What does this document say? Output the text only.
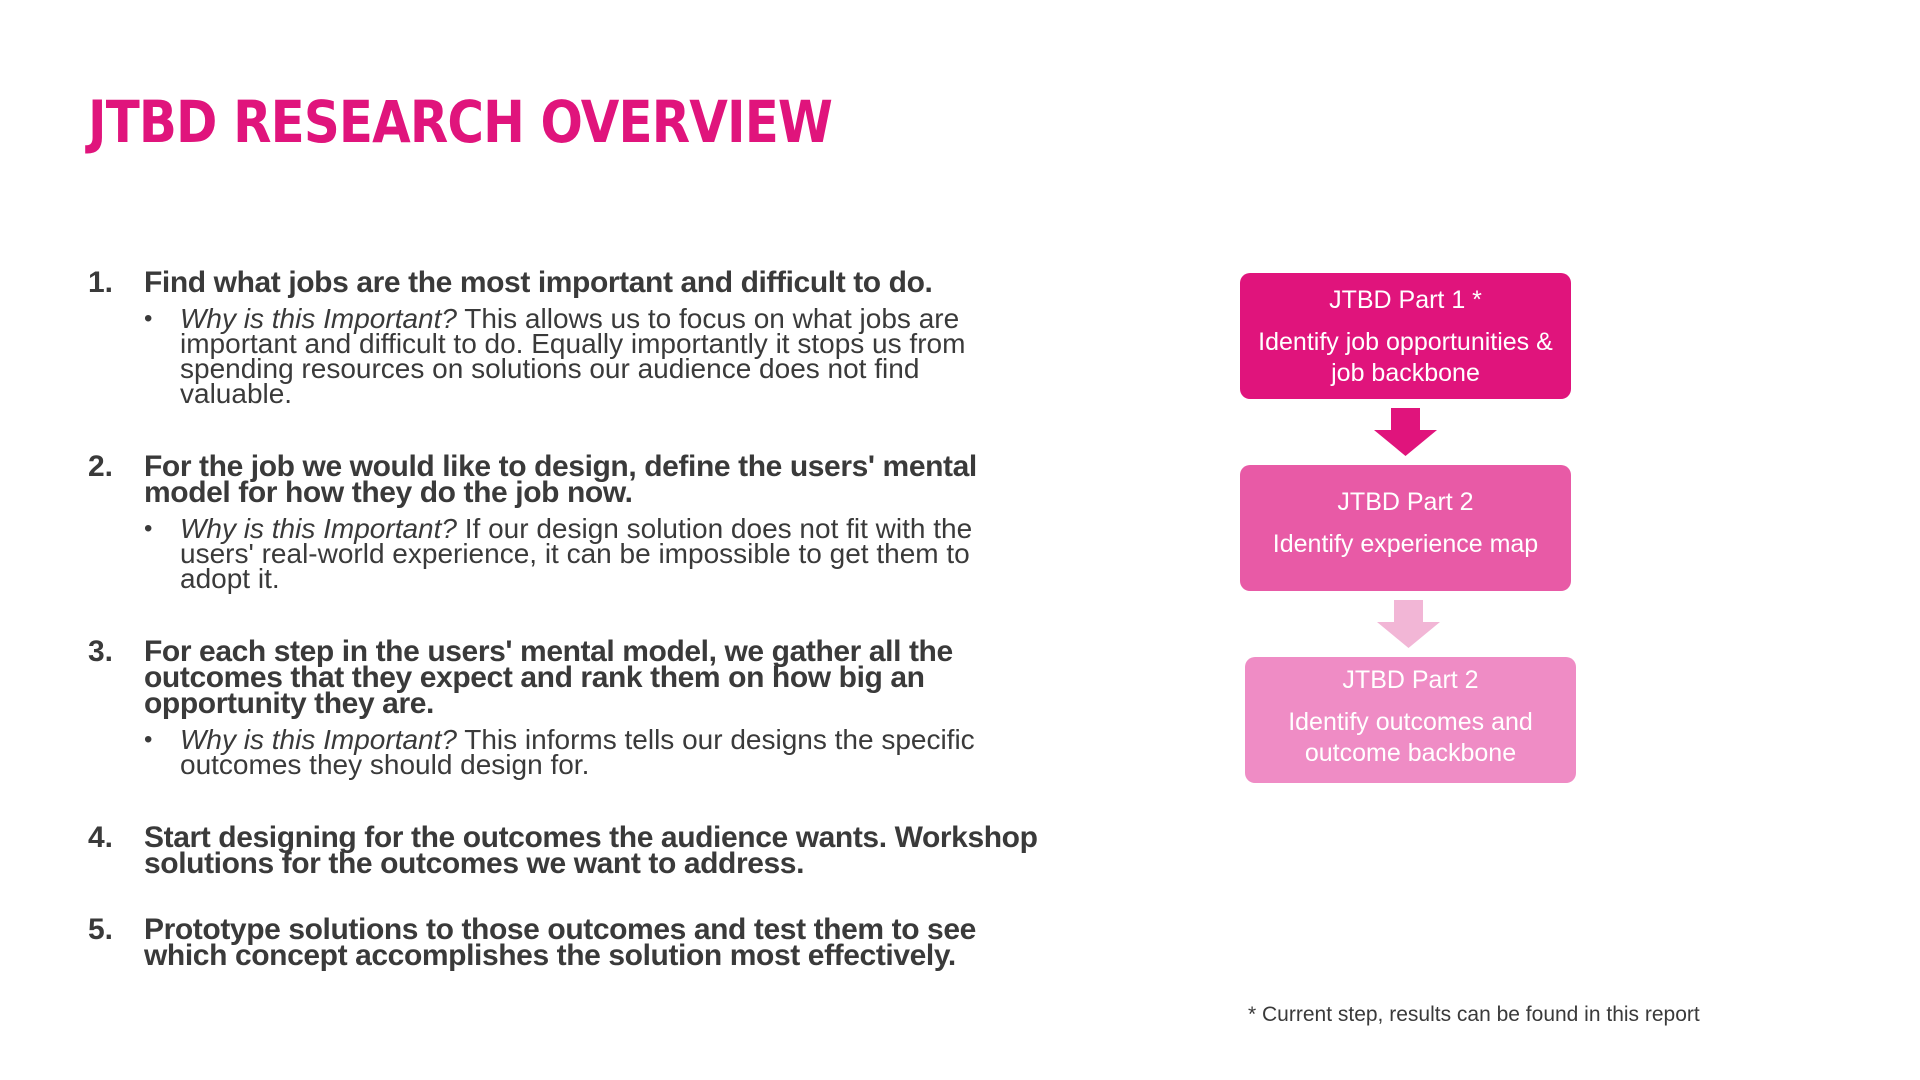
JTBD RESEARCH OVERVIEW
1. Find what jobs are the most important and difficult to do.
• Why is this Important? This allows us to focus on what jobs are important and difficult to do. Equally importantly it stops us from spending resources on solutions our audience does not find valuable.
2. For the job we would like to design, define the users' mental model for how they do the job now.
• Why is this Important? If our design solution does not fit with the users' real-world experience, it can be impossible to get them to adopt it.
3. For each step in the users' mental model, we gather all the outcomes that they expect and rank them on how big an opportunity they are.
• Why is this Important? This informs tells our designs the specific outcomes they should design for.
4. Start designing for the outcomes the audience wants. Workshop solutions for the outcomes we want to address.
5. Prototype solutions to those outcomes and test them to see which concept accomplishes the solution most effectively.
JTBD Part 1 *
Identify job opportunities & job backbone
JTBD Part 2
Identify experience map
JTBD Part 2
Identify outcomes and outcome backbone
* Current step, results can be found in this report
